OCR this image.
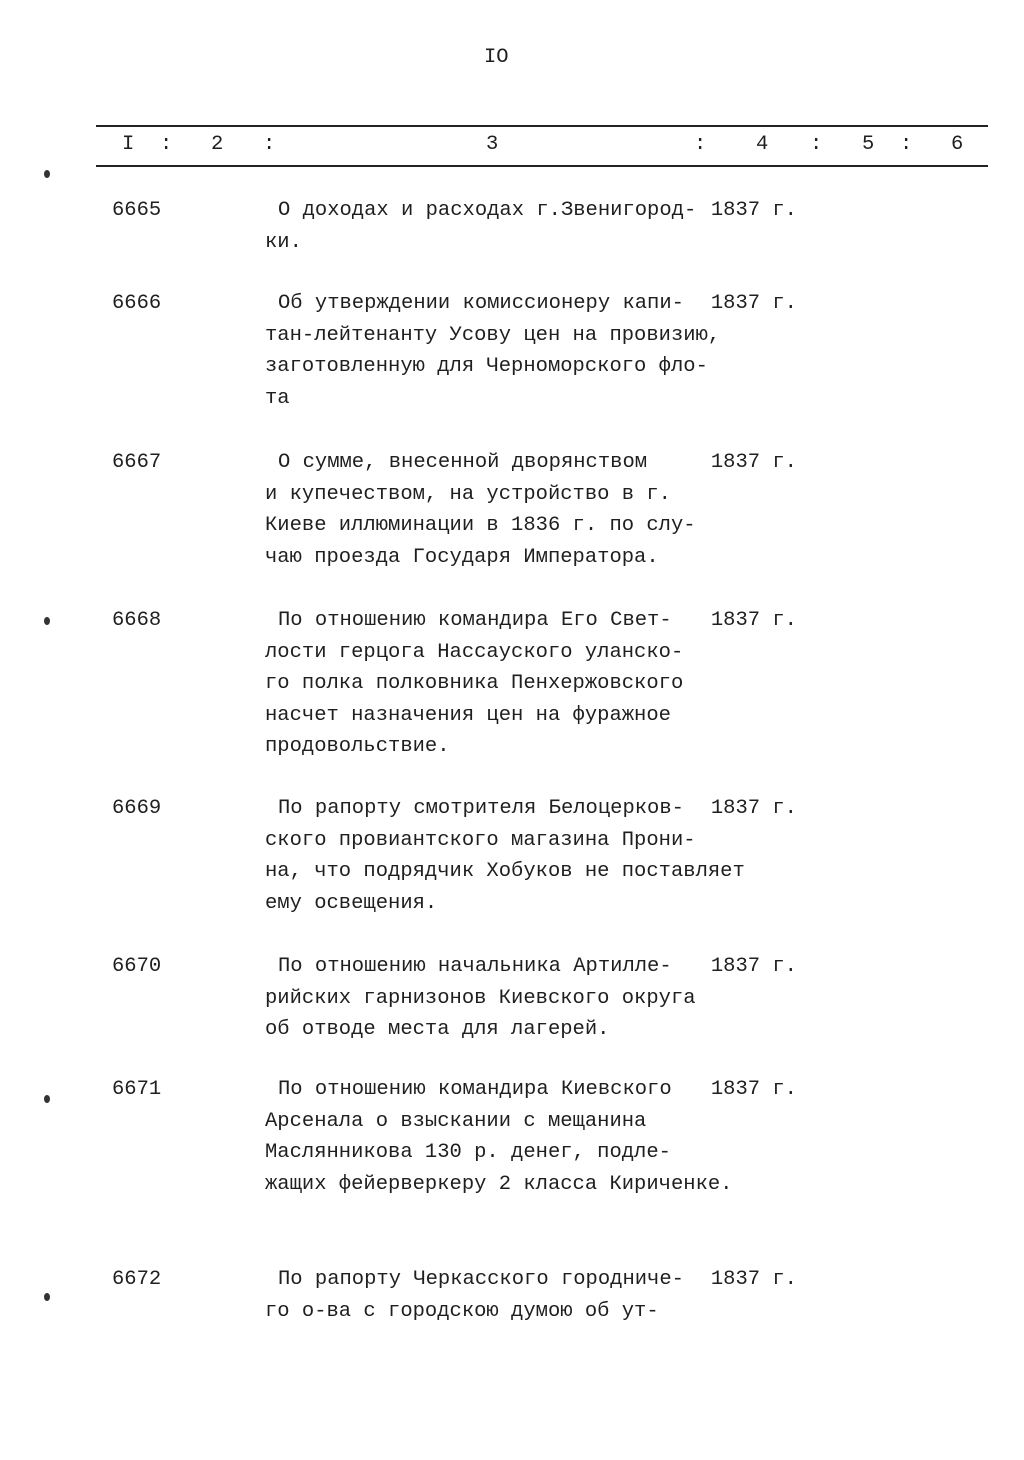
IO
I : 2 :	3	: 4 : 5 : 6
6665	О доходах и расходах г.Звенигород-
ки.
1837 г.
6666	Об утверждении комиссионеру капи-
тан-лейтенанту Усову цен на провизию,
заготовленную для Черноморского фло-
та
1837 г.
6667	О сумме, внесенной дворянством
и купечеством, на устройство в г.
Киеве иллюминации в 1836 г. по слу-
чаю проезда Государя Императора.
1837 г.
6668	По отношению командира Его Свет-
лости герцога Нассауского уланско-
го полка полковника Пенхержовского
насчет назначения цен на фуражное
продовольствие.
1837 г.
6669	По рапорту смотрителя Белоцерков-
ского провиантского магазина Прони-
на, что подрядчик Хобуков не поставляет
ему освещения.
1837 г.
6670	По отношению начальника Артилле-
рийских гарнизонов Киевского округа
об отводе места для лагерей.
1837 г.
6671	По отношению командира Киевского
Арсенала о взыскании с мещанина
Маслянникова 130 р. денег, подле-
жащих фейерверкеру 2 класса Кириченке.
1837 г.
6672	По рапорту Черкасского городниче-
го о-ва с городскою думою об ут-
1837 г.
